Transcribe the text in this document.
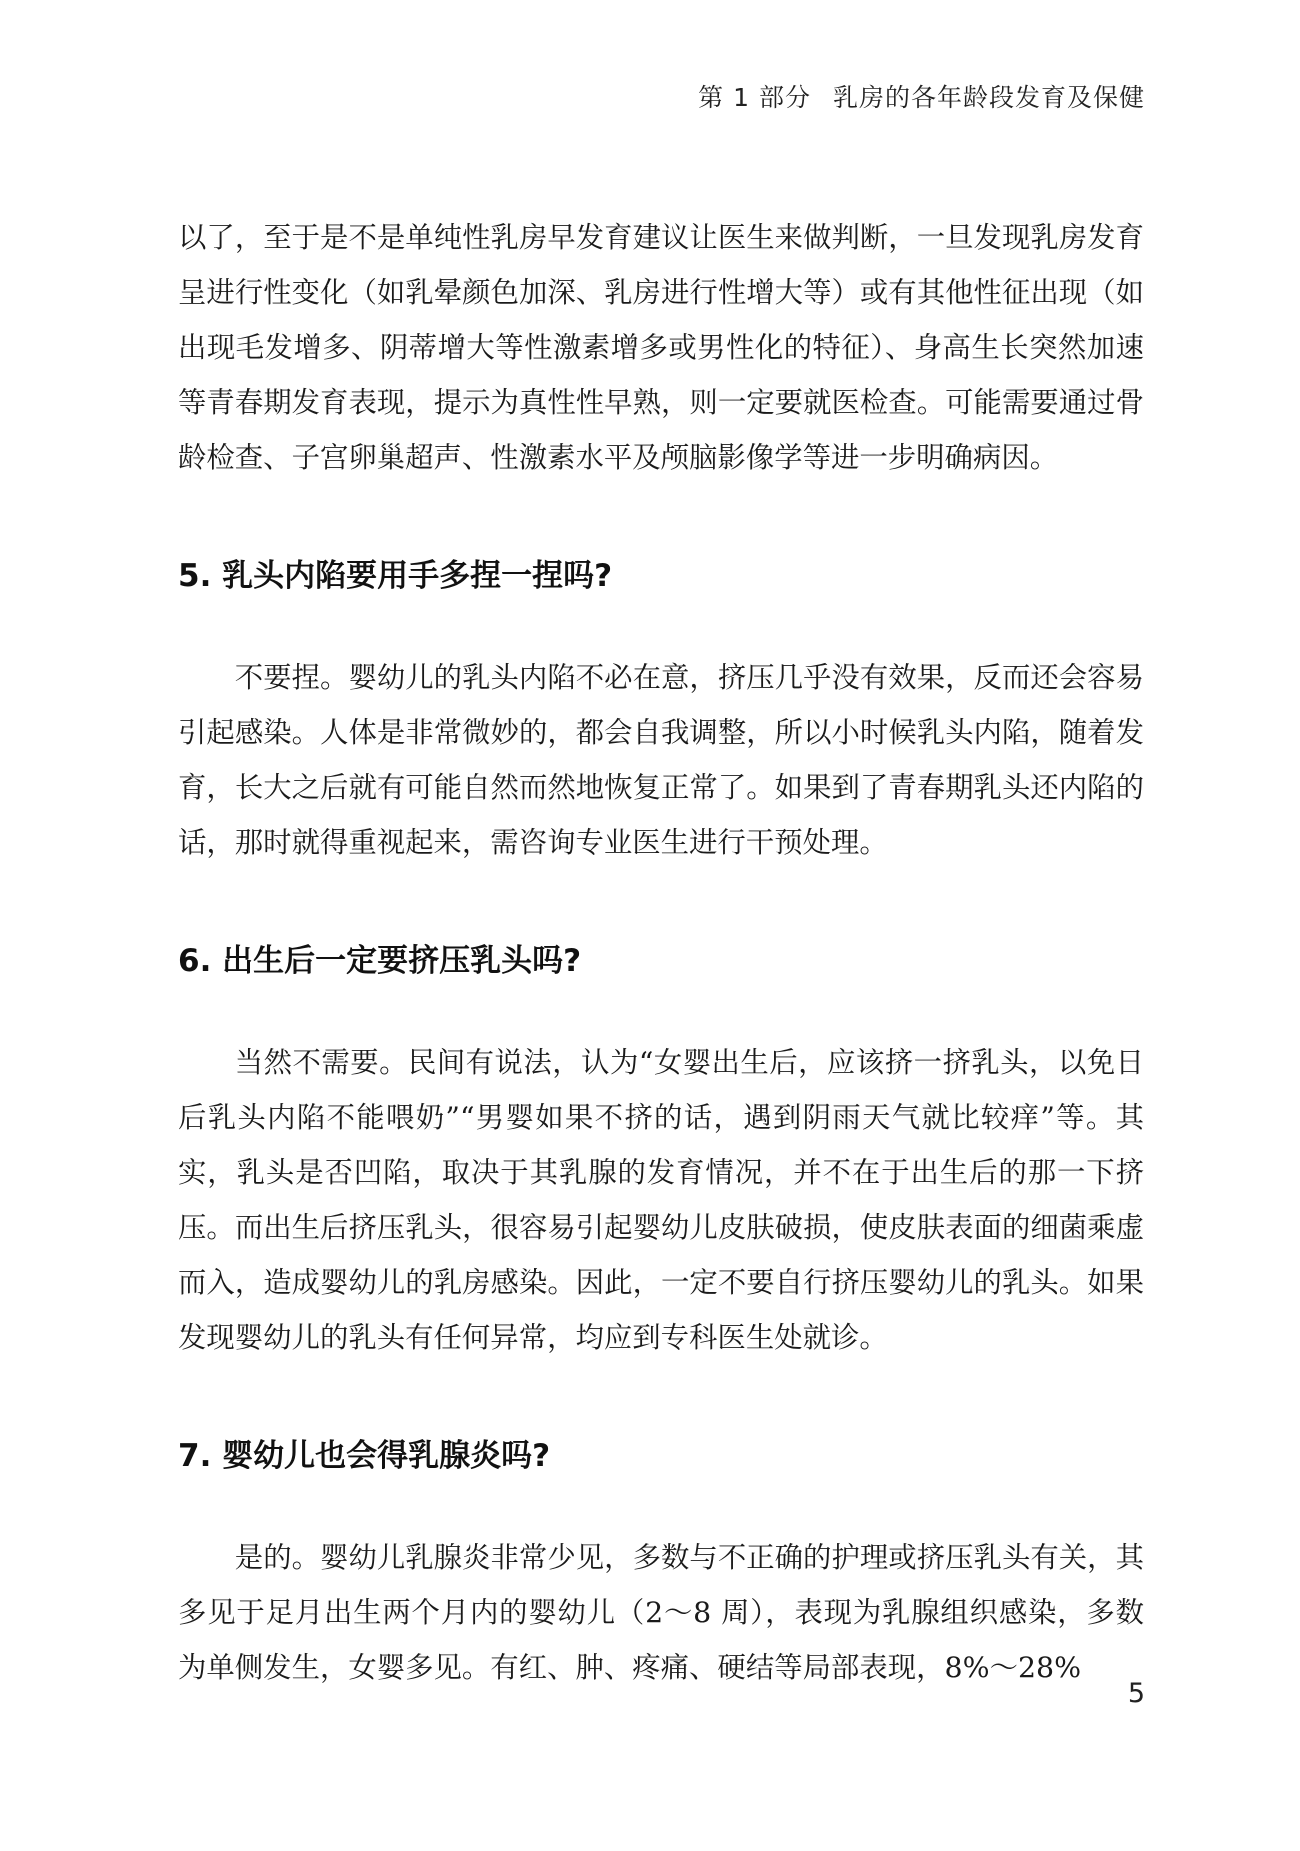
第 1 部分 乳房的各年龄段发育及保健

以了，至于是不是单纯性乳房早发育建议让医生来做判断，一旦发现乳房发育呈进行性变化（如乳晕颜色加深、乳房进行性增大等）或有其他性征出现（如出现毛发增多、阴蒂增大等性激素增多或男性化的特征）、身高生长突然加速等青春期发育表现，提示为真性性早熟，则一定要就医检查。可能需要通过骨龄检查、子宫卵巢超声、性激素水平及颅脑影像学等进一步明确病因。

5. 乳头内陷要用手多捏一捏吗?

不要捏。婴幼儿的乳头内陷不必在意，挤压几乎没有效果，反而还会容易引起感染。人体是非常微妙的，都会自我调整，所以小时候乳头内陷，随着发育，长大之后就有可能自然而然地恢复正常了。如果到了青春期乳头还内陷的话，那时就得重视起来，需咨询专业医生进行干预处理。

6. 出生后一定要挤压乳头吗?

当然不需要。民间有说法，认为“女婴出生后，应该挤一挤乳头，以免日后乳头内陷不能喂奶”“男婴如果不挤的话，遇到阴雨天气就比较痒”等。其实，乳头是否凹陷，取决于其乳腺的发育情况，并不在于出生后的那一下挤压。而出生后挤压乳头，很容易引起婴幼儿皮肤破损，使皮肤表面的细菌乘虚而入，造成婴幼儿的乳房感染。因此，一定不要自行挤压婴幼儿的乳头。如果发现婴幼儿的乳头有任何异常，均应到专科医生处就诊。

7. 婴幼儿也会得乳腺炎吗?

是的。婴幼儿乳腺炎非常少见，多数与不正确的护理或挤压乳头有关，其多见于足月出生两个月内的婴幼儿（2～8 周），表现为乳腺组织感染，多数为单侧发生，女婴多见。有红、肿、疼痛、硬结等局部表现，8%～28%

5
